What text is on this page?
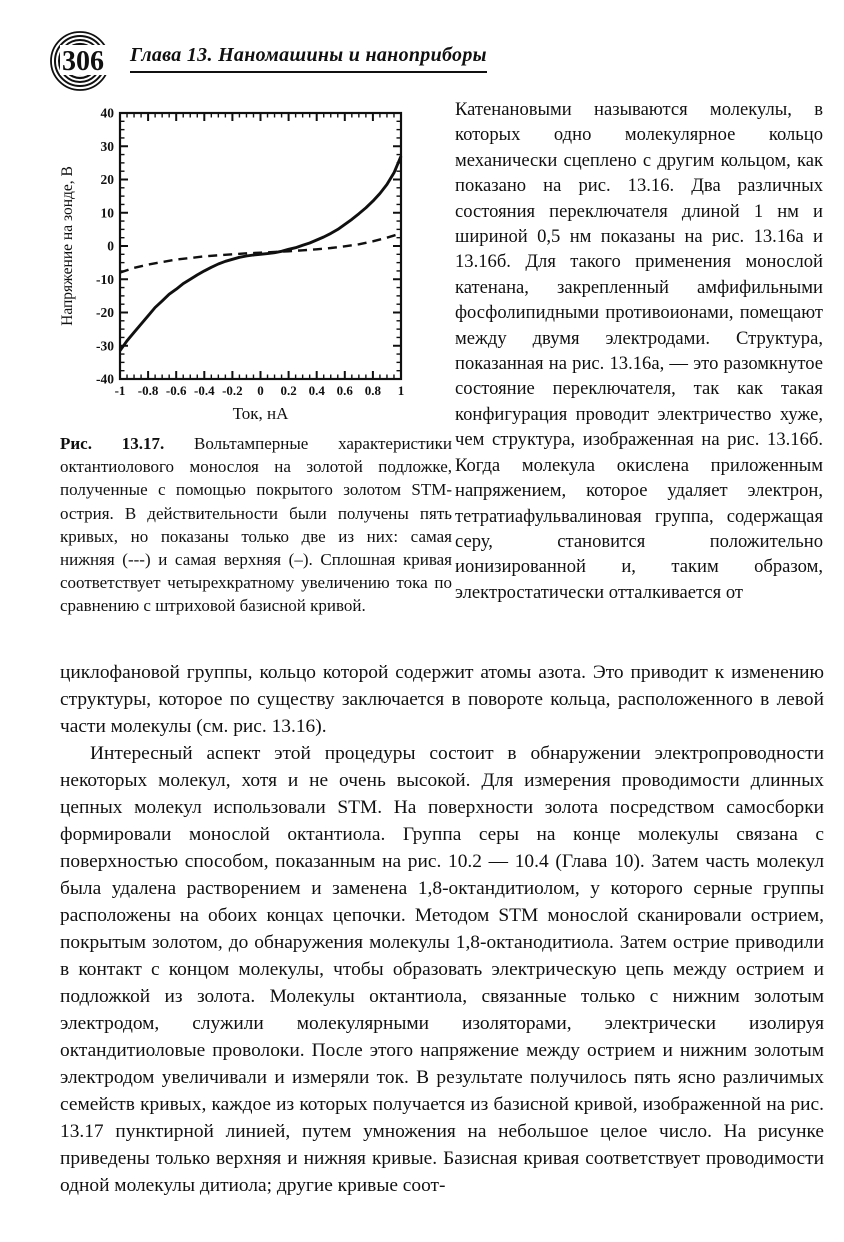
306 Глава 13. Наномашины и наноприборы
-40
-30
-20
-10
0
10
20
30
40
-1 -0.8 -0.6 -0.4 -0.2 0 0.2 0.4 0.6 0.8 1
Ток, нА
Напряжение на зонде, В
Рис. 13.17. Вольтамперные характеристики октантиолового монослоя на золотой подложке, полученные с помощью покрытого золотом STM-острия. В действительности были получены пять кривых, но показаны только две из них: самая нижняя (---) и самая верхняя (–). Сплошная кривая соответствует четырехкратному увеличению тока по сравнению с штриховой базисной кривой.
Катенановыми называются молекулы, в которых одно молекулярное кольцо механически сцеплено с другим кольцом, как показано на рис. 13.16. Два различных состояния переключателя длиной 1 нм и шириной 0,5 нм показаны на рис. 13.16а и 13.16б. Для такого применения монослой катенана, закрепленный амфифильными фосфолипидными противоионами, помещают между двумя электродами. Структура, показанная на рис. 13.16а, — это разомкнутое состояние переключателя, так как такая конфигурация проводит электричество хуже, чем структура, изображенная на рис. 13.16б. Когда молекула окислена приложенным напряжением, которое удаляет электрон, тетратиафульвалиновая группа, содержащая серу, становится положительно ионизированной и, таким образом, электростатически отталкивается от

циклофановой группы, кольцо которой содержит атомы азота. Это приводит к изменению структуры, которое по существу заключается в повороте кольца, расположенного в левой части молекулы (см. рис. 13.16).

Интересный аспект этой процедуры состоит в обнаружении электропроводности некоторых молекул, хотя и не очень высокой. Для измерения проводимости длинных цепных молекул использовали STM. На поверхности золота посредством самосборки формировали монослой октантиола. Группа серы на конце молекулы связана с поверхностью способом, показанным на рис. 10.2 — 10.4 (Глава 10). Затем часть молекул была удалена растворением и заменена 1,8-октандитиолом, у которого серные группы расположены на обоих концах цепочки. Методом STM монослой сканировали острием, покрытым золотом, до обнаружения молекулы 1,8-октанодитиола. Затем острие приводили в контакт с концом молекулы, чтобы образовать электрическую цепь между острием и подложкой из золота. Молекулы октантиола, связанные только с нижним золотым электродом, служили молекулярными изоляторами, электрически изолируя октандитиоловые проволоки. После этого напряжение между острием и нижним золотым электродом увеличивали и измеряли ток. В результате получилось пять ясно различимых семейств кривых, каждое из которых получается из базисной кривой, изображенной на рис. 13.17 пунктирной линией, путем умножения на небольшое целое число. На рисунке приведены только верхняя и нижняя кривые. Базисная кривая соответствует проводимости одной молекулы дитиола; другие кривые соот-
